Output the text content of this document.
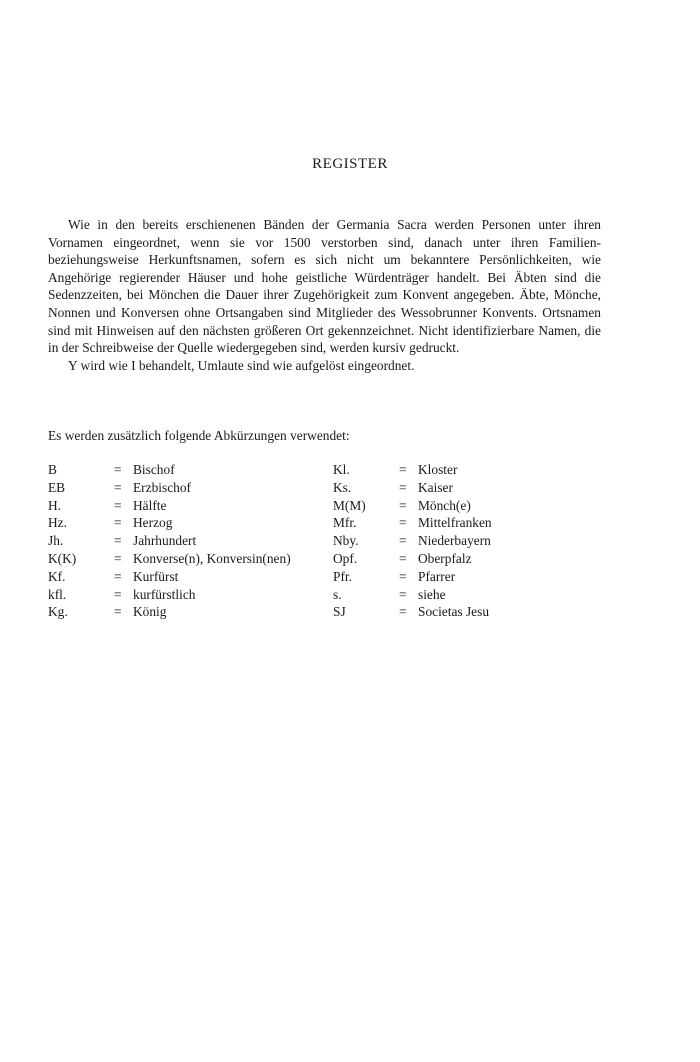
REGISTER

Wie in den bereits erschienenen Bänden der Germania Sacra werden Personen unter ihren Vornamen eingeordnet, wenn sie vor 1500 verstorben sind, danach unter ihren Familien- beziehungsweise Herkunftsnamen, sofern es sich nicht um bekanntere Persönlichkeiten, wie Angehörige regierender Häuser und hohe geistliche Würdenträger handelt. Bei Äbten sind die Sedenzzeiten, bei Mönchen die Dauer ihrer Zugehörigkeit zum Konvent angegeben. Äbte, Mönche, Nonnen und Konversen ohne Ortsangaben sind Mitglieder des Wessobrunner Konvents. Ortsnamen sind mit Hinweisen auf den nächsten größeren Ort gekennzeichnet. Nicht identifizierbare Namen, die in der Schreibweise der Quelle wiedergegeben sind, werden kursiv gedruckt.

Y wird wie I behandelt, Umlaute sind wie aufgelöst eingeordnet.

Es werden zusätzlich folgende Abkürzungen verwendet:
B	= Bischof	Kl.	= Kloster
EB	= Erzbischof	Ks.	= Kaiser
H.	= Hälfte	M(M) = Mönch(e)
Hz.	= Herzog	Mfr.	= Mittelfranken
Jh.	= Jahrhundert	Nby.	= Niederbayern
K(K)	= Konverse(n), Konversin(nen)	Opf.	= Oberpfalz
Kf.	= Kurfürst	Pfr.	= Pfarrer
kfl.	= kurfürstlich	s.	= siehe
Kg.	= König	SJ	= Societas Jesu
